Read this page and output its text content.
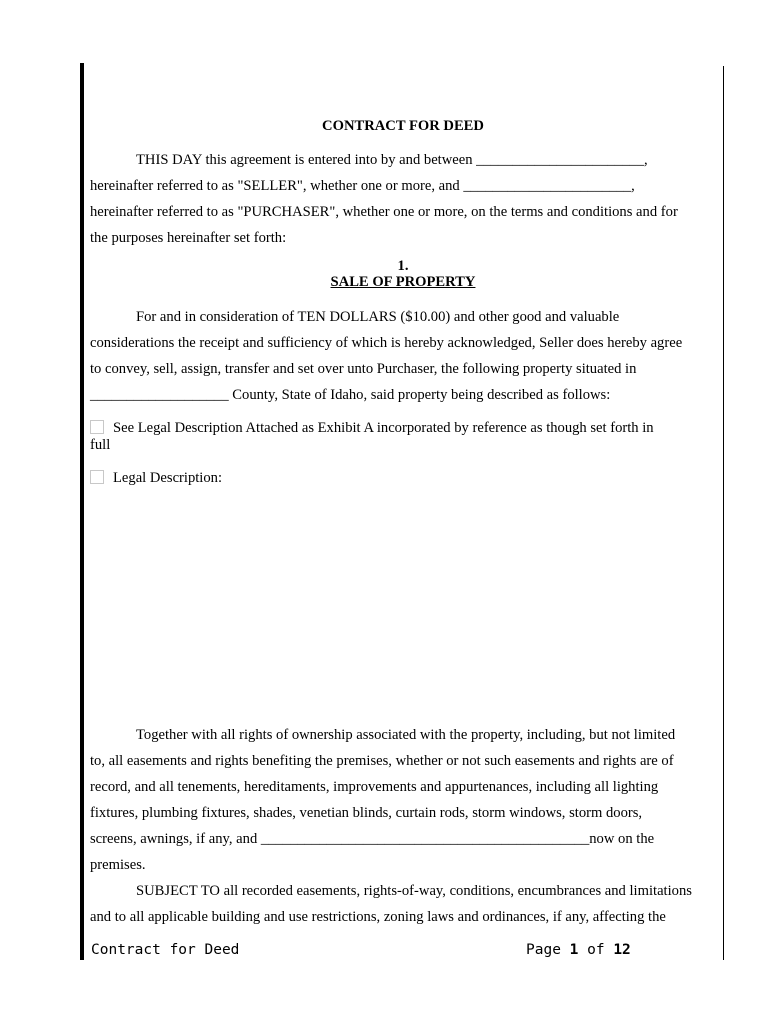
CONTRACT FOR DEED
THIS DAY this agreement is entered into by and between _______________________,
hereinafter referred to as "SELLER", whether one or more, and _______________________,
hereinafter referred to as "PURCHASER", whether one or more, on the terms and conditions and for
the purposes hereinafter set forth:
1.
SALE OF PROPERTY
For and in consideration of TEN DOLLARS ($10.00) and other good and valuable
considerations the receipt and sufficiency of which is hereby acknowledged, Seller does hereby agree
to convey, sell, assign, transfer and set over unto Purchaser, the following property situated in
___________________ County, State of Idaho, said property being described as follows:
See Legal Description Attached as Exhibit A incorporated by reference as though set forth in
full
Legal Description:
Together with all rights of ownership associated with the property, including, but not limited
to, all easements and rights benefiting the premises, whether or not such easements and rights are of
record, and all tenements, hereditaments, improvements and appurtenances, including all lighting
fixtures, plumbing fixtures, shades, venetian blinds, curtain rods, storm windows, storm doors,
screens, awnings, if any, and _____________________________________________now on the
premises.
SUBJECT TO all recorded easements, rights-of-way, conditions, encumbrances and limitations
and to all applicable building and use restrictions, zoning laws and ordinances, if any, affecting the
Contract for Deed	Page 1 of 12
